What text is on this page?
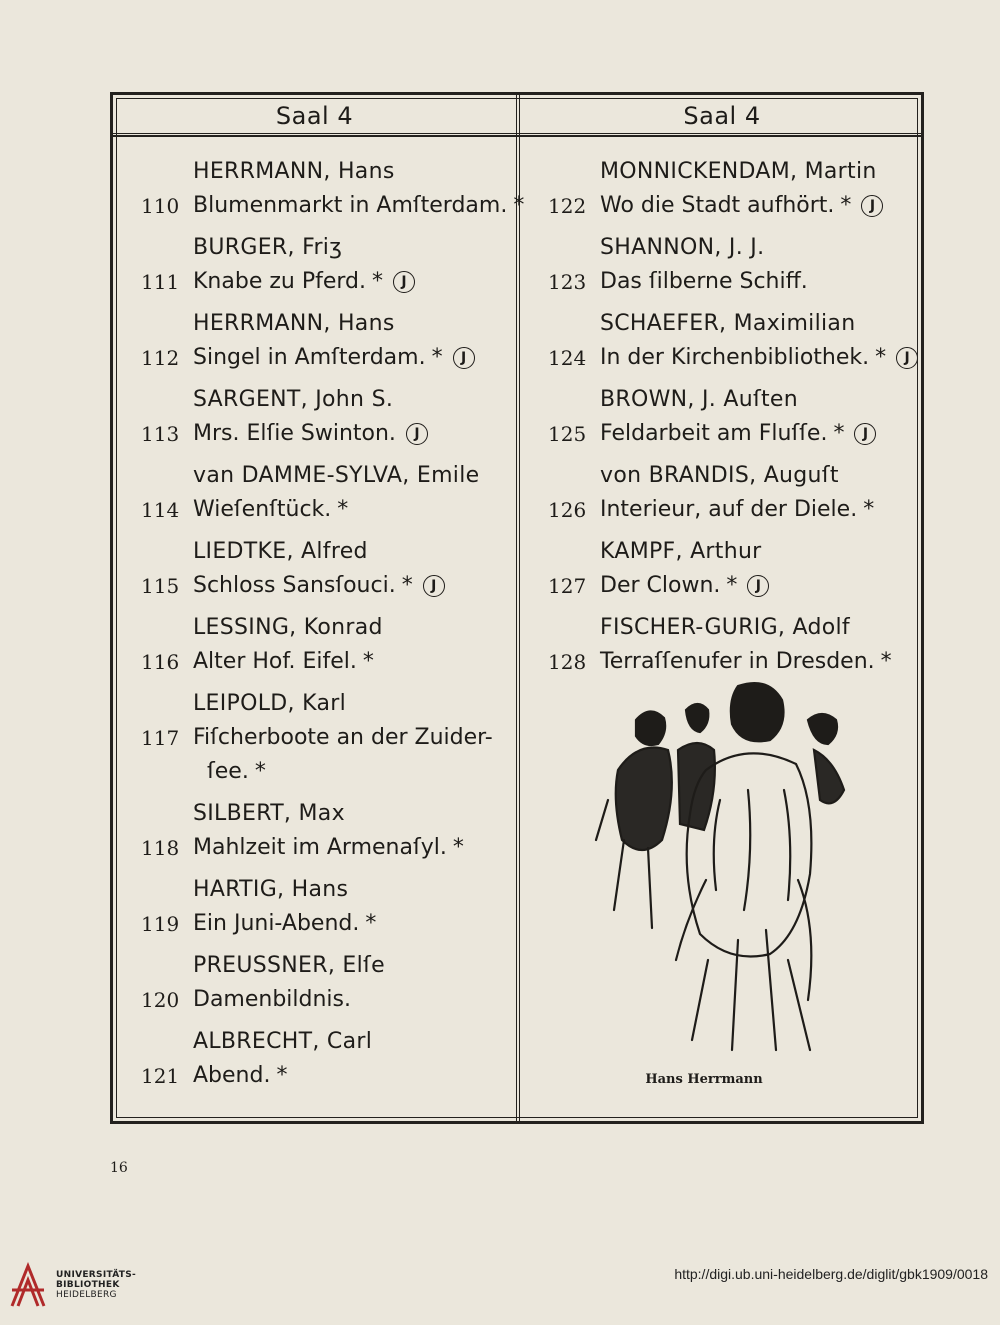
Saal 4	Saal 4
HERRMANN, Hans
110 Blumenmarkt in Amſterdam. *
BURGER, Friʒ
111 Knabe zu Pferd. * J
HERRMANN, Hans
112 Singel in Amſterdam. * J
SARGENT, John S.
113 Mrs. Elſie Swinton. J
van DAMME-SYLVA, Emile
114 Wieſenſtück. *
LIEDTKE, Alfred
115 Schloss Sansſouci. * J
LESSING, Konrad
116 Alter Hof. Eifel. *
LEIPOLD, Karl
117 Fiſcherboote an der Zuider-
ſee. *
SILBERT, Max
118 Mahlzeit im Armenaſyl. *
HARTIG, Hans
119 Ein Juni-Abend. *
PREUSSNER, Elſe
120 Damenbildnis.
ALBRECHT, Carl
121 Abend. *
MONNICKENDAM, Martin
122 Wo die Stadt aufhört. * J
SHANNON, J. J.
123 Das ſilberne Schiff.
SCHAEFER, Maximilian
124 In der Kirchenbibliothek. * J
BROWN, J. Auſten
125 Feldarbeit am Fluſſe. * J
von BRANDIS, Auguſt
126 Interieur, auf der Diele. *
KAMPF, Arthur
127 Der Clown. * J
FISCHER-GURIG, Adolf
128 Terraſſenufer in Dresden. *
Hans Herrmann
16
UNIVERSITÄTS-
BIBLIOTHEK
HEIDELBERG
http://digi.ub.uni-heidelberg.de/diglit/gbk1909/0018
